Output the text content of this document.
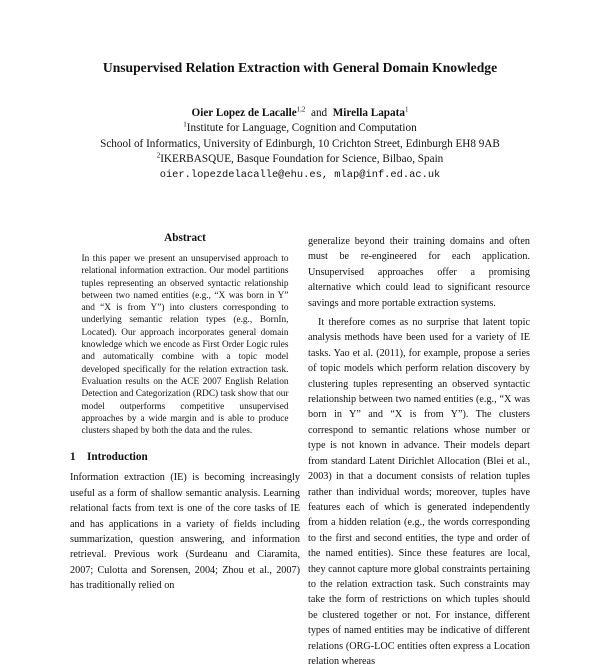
Unsupervised Relation Extraction with General Domain Knowledge
Oier Lopez de Lacalle$^{1,2}$ and Mirella Lapata$^1$
$^1$Institute for Language, Cognition and Computation
School of Informatics, University of Edinburgh, 10 Crichton Street, Edinburgh EH8 9AB
$^2$IKERBASQUE, Basque Foundation for Science, Bilbao, Spain
oier.lopezdelacalle@ehu.es, mlap@inf.ed.ac.uk
Abstract
In this paper we present an unsupervised approach to relational information extraction. Our model partitions tuples representing an observed syntactic relationship between two named entities (e.g., “X was born in Y” and “X is from Y”) into clusters corresponding to underlying semantic relation types (e.g., BornIn, Located). Our approach incorporates general domain knowledge which we encode as First Order Logic rules and automatically combine with a topic model developed specifically for the relation extraction task. Evaluation results on the ACE 2007 English Relation Detection and Categorization (RDC) task show that our model outperforms competitive unsupervised approaches by a wide margin and is able to produce clusters shaped by both the data and the rules.
1 Introduction

Information extraction (IE) is becoming increasingly useful as a form of shallow semantic analysis. Learning relational facts from text is one of the core tasks of IE and has applications in a variety of fields including summarization, question answering, and information retrieval. Previous work (Surdeanu and Ciaramita, 2007; Culotta and Sorensen, 2004; Zhou et al., 2007) has traditionally relied on

generalize beyond their training domains and often must be re-engineered for each application. Unsupervised approaches offer a promising alternative which could lead to significant resource savings and more portable extraction systems.

It therefore comes as no surprise that latent topic analysis methods have been used for a variety of IE tasks. Yao et al. (2011), for example, propose a series of topic models which perform relation discovery by clustering tuples representing an observed syntactic relationship between two named entities (e.g., “X was born in Y” and “X is from Y”). The clusters correspond to semantic relations whose number or type is not known in advance. Their models depart from standard Latent Dirichlet Allocation (Blei et al., 2003) in that a document consists of relation tuples rather than individual words; moreover, tuples have features each of which is generated independently from a hidden relation (e.g., the words corresponding to the first and second entities, the type and order of the named entities). Since these features are local, they cannot capture more global constraints pertaining to the relation extraction task. Such constraints may take the form of restrictions on which tuples should be clustered together or not. For instance, different types of named entities may be indicative of different relations (ORG-LOC entities often express a Location relation whereas
